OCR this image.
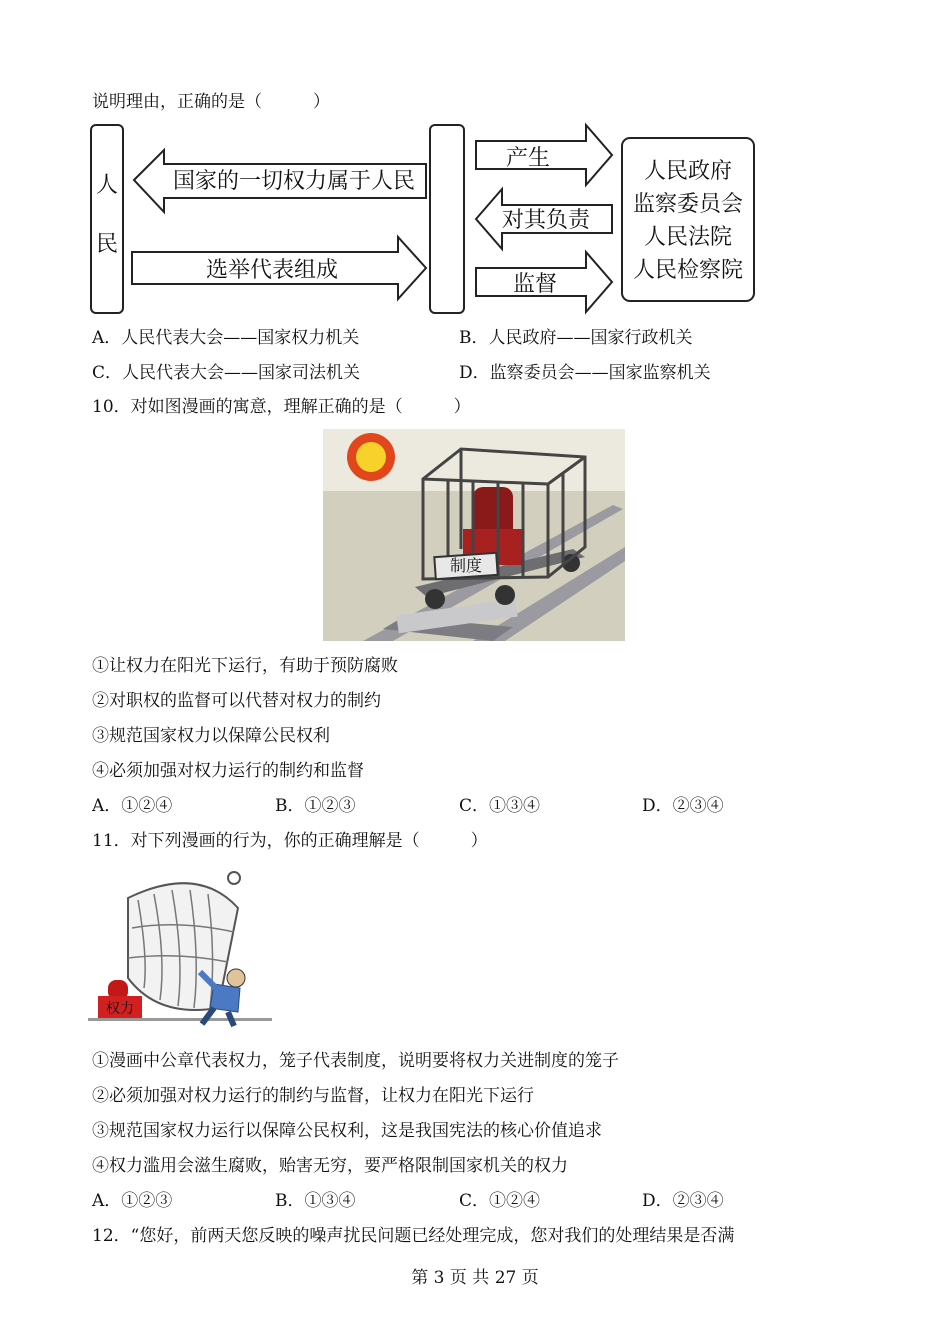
说明理由，正确的是（　　　）
人
民
国家的一切权力属于人民
选举代表组成
产生
对其负责
监督
人民政府
监察委员会
人民法院
人民检察院
A．人民代表大会——国家权力机关	B．人民政府——国家行政机关
C．人民代表大会——国家司法机关	D．监察委员会——国家监察机关
10．对如图漫画的寓意，理解正确的是（　　　）
制度
①让权力在阳光下运行，有助于预防腐败
②对职权的监督可以代替对权力的制约
③规范国家权力以保障公民权利
④必须加强对权力运行的制约和监督
A．①②④	B．①②③	C．①③④	D．②③④
11．对下列漫画的行为，你的正确理解是（　　　）
权力
①漫画中公章代表权力，笼子代表制度，说明要将权力关进制度的笼子
②必须加强对权力运行的制约与监督，让权力在阳光下运行
③规范国家权力运行以保障公民权利，这是我国宪法的核心价值追求
④权力滥用会滋生腐败，贻害无穷，要严格限制国家机关的权力
A．①②③	B．①③④	C．①②④	D．②③④
12．“您好，前两天您反映的噪声扰民问题已经处理完成，您对我们的处理结果是否满
第 3 页 共 27 页
